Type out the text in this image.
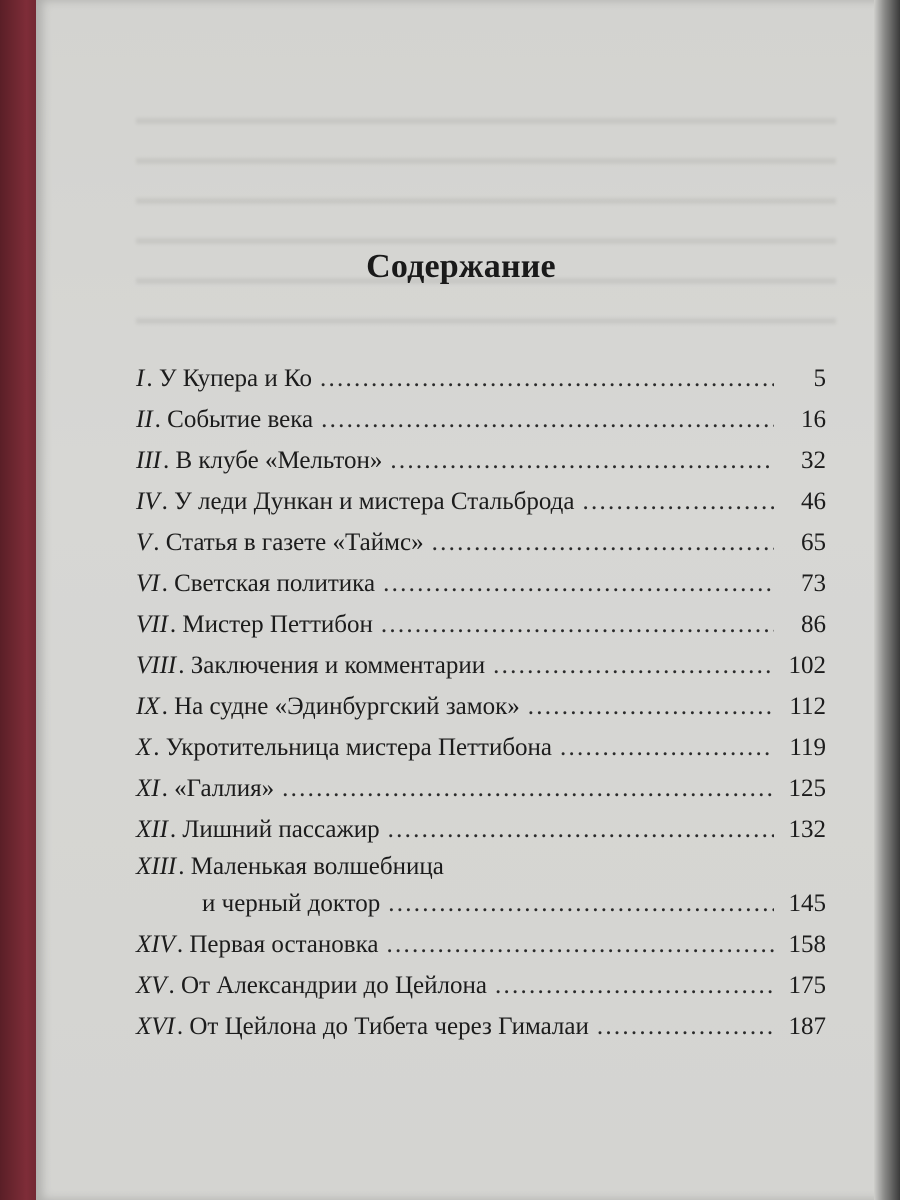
Содержание
I. У Купера и Ко . . .	5
II. Событие века . . .	16
III. В клубе «Мельтон» . . .	32
IV. У леди Дункан и мистера Стальброда . . .	46
V. Статья в газете «Таймс» . . .	65
VI. Светская политика . . .	73
VII. Мистер Петтибон . . .	86
VIII. Заключения и комментарии . . .	102
IX. На судне «Эдинбургский замок» . . .	112
X. Укротительница мистера Петтибона . . .	119
XI. «Галлия» . . .	125
XII. Лишний пассажир . . .	132
XIII. Маленькая волшебница
и черный доктор . . .	145
XIV. Первая остановка . . .	158
XV. От Александрии до Цейлона . . .	175
XVI. От Цейлона до Тибета через Гималаи . . .	187
